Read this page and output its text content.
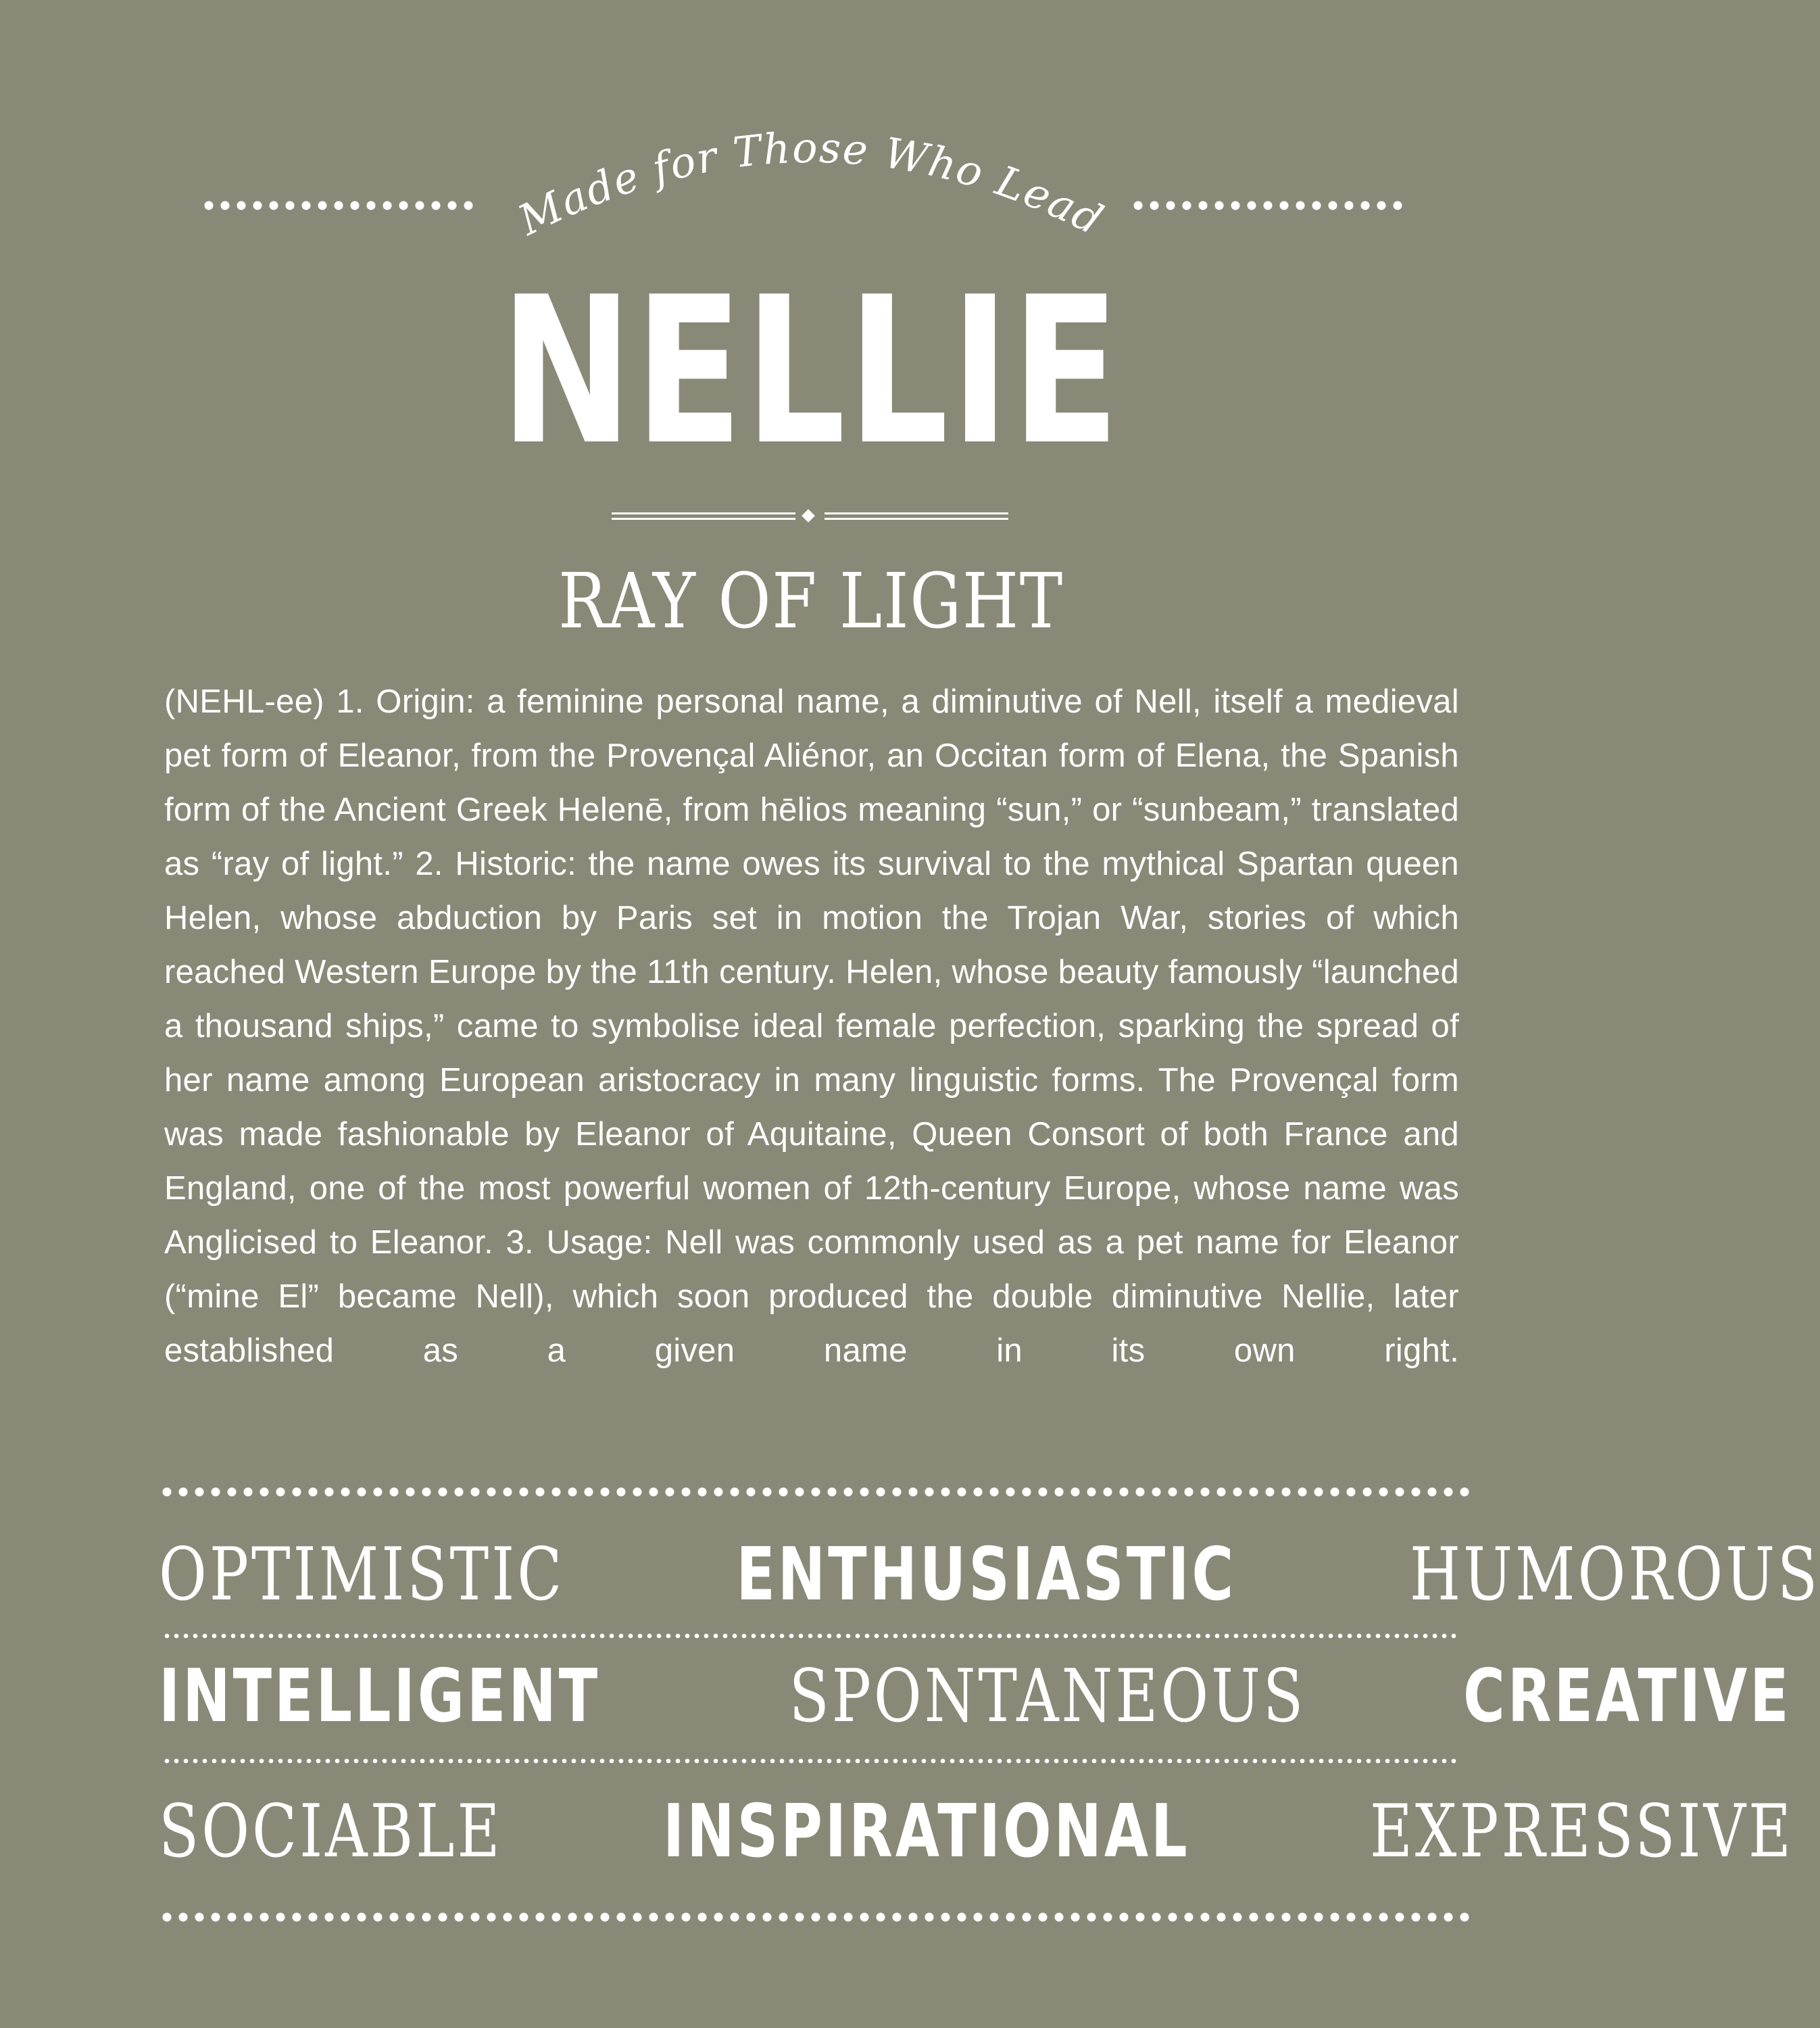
Made for Those Who Lead
NELLIE
RAY OF LIGHT
(NEHL-ee) 1. Origin: a feminine personal name, a diminutive of Nell, itself a medieval pet form of Eleanor, from the Provençal Aliénor, an Occitan form of Elena, the Spanish form of the Ancient Greek Helenē, from hēlios meaning “sun,” or “sunbeam,” translated as “ray of light.” 2. Historic: the name owes its survival to the mythical Spartan queen Helen, whose abduction by Paris set in motion the Trojan War, stories of which reached Western Europe by the 11th century. Helen, whose beauty famously “launched a thousand ships,” came to symbolise ideal female perfection, sparking the spread of her name among European aristocracy in many linguistic forms. The Provençal form was made fashionable by Eleanor of Aquitaine, Queen Consort of both France and England, one of the most powerful women of 12th-century Europe, whose name was Anglicised to Eleanor. 3. Usage: Nell was commonly used as a pet name for Eleanor (“mine El” became Nell), which soon produced the double diminutive Nellie, later established as a given name in its own right.
OPTIMISTIC	ENTHUSIASTIC	HUMOROUS
INTELLIGENT	SPONTANEOUS	CREATIVE
SOCIABLE	INSPIRATIONAL	EXPRESSIVE
